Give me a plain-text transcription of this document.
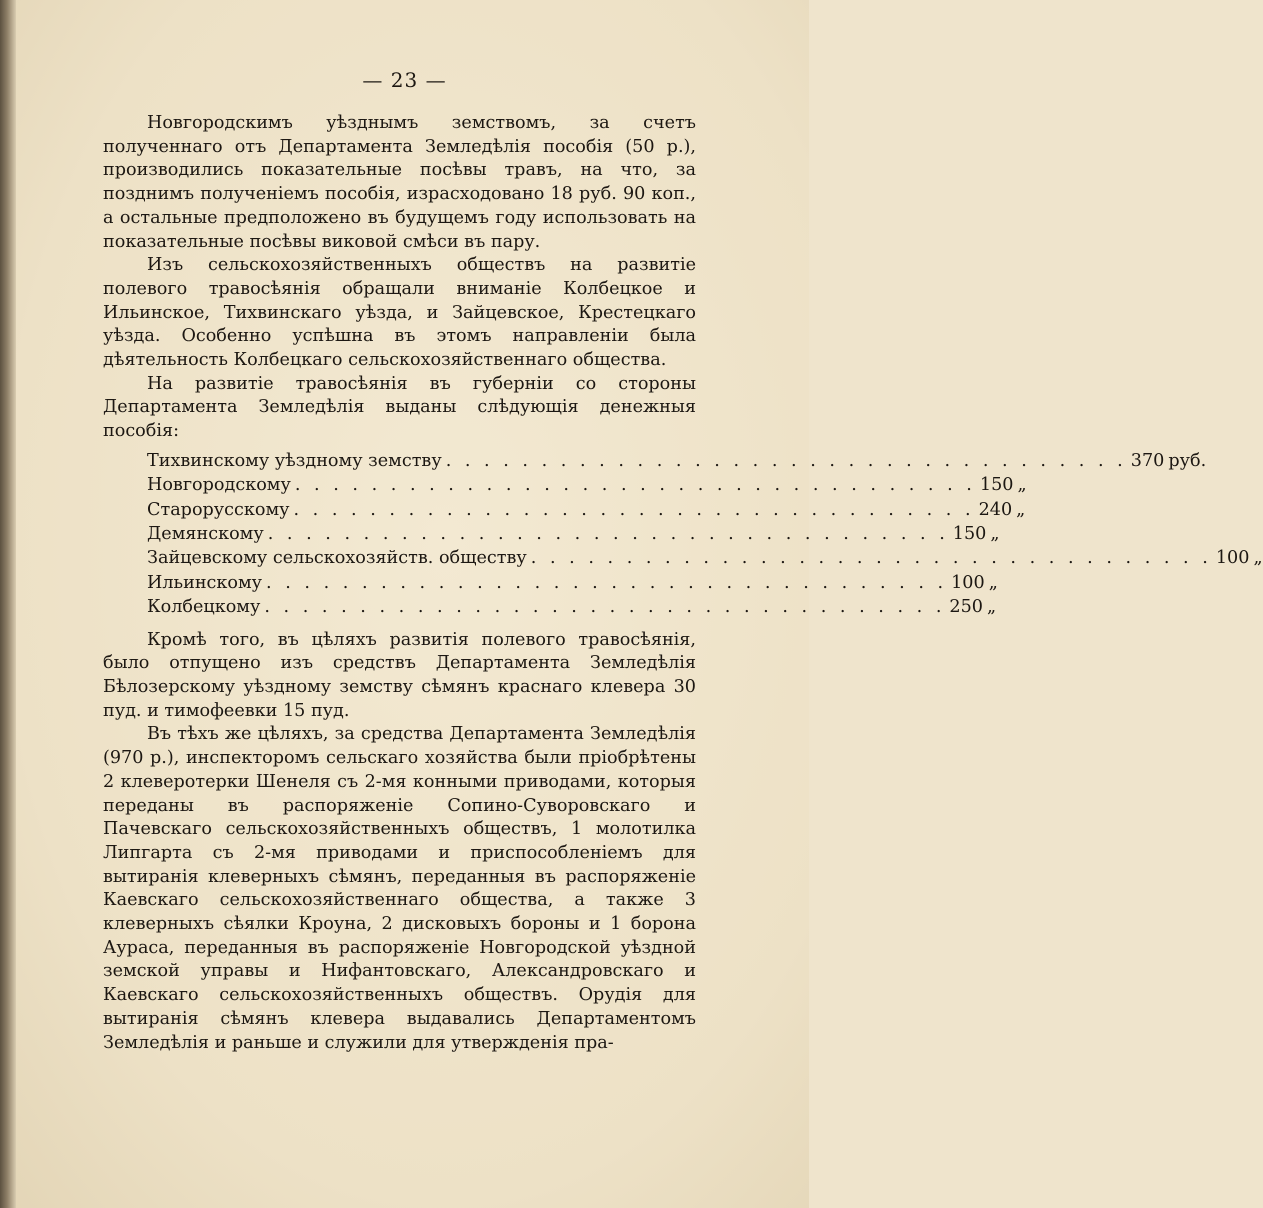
— 23 —

Новгородскимъ уѣзднымъ земствомъ, за счетъ полученнаго отъ Департамента Земледѣлія пособія (50 р.), производились показательные посѣвы травъ, на что, за позднимъ полученіемъ пособія, израсходовано 18 руб. 90 коп., а остальные предположено въ будущемъ году использовать на показательные посѣвы виковой смѣси въ пару.

Изъ сельскохозяйственныхъ обществъ на развитіе полевого травосѣянія обращали вниманіе Колбецкое и Ильинское, Тихвинскаго уѣзда, и Зайцевское, Крестецкаго уѣзда. Особенно успѣшна въ этомъ направленіи была дѣятельность Колбецкаго сельскохозяйственнаго общества.

На развитіе травосѣянія въ губерніи со стороны Департамента Земледѣлія выданы слѣдующія денежныя пособія:

Тихвинскому уѣздному земству . . . . . . . . . . . . . . . . . . . . . . . . . . . . . . . . . . . . 370 руб.
Новгородскому . . . . . . . . . . . . . . . . . . . . . . . . . . . . . . . . . . . . 150 „
Старорусскому . . . . . . . . . . . . . . . . . . . . . . . . . . . . . . . . . . . . 240 „
Демянскому . . . . . . . . . . . . . . . . . . . . . . . . . . . . . . . . . . . . 150 „
Зайцевскому сельскохозяйств. обществу . . . . . . . . . . . . . . . . . . . . . . . . . . . . . . . . . . . . 100 „
Ильинскому . . . . . . . . . . . . . . . . . . . . . . . . . . . . . . . . . . . . 100 „
Колбецкому . . . . . . . . . . . . . . . . . . . . . . . . . . . . . . . . . . . . 250 „

Кромѣ того, въ цѣляхъ развитія полевого травосѣянія, было отпущено изъ средствъ Департамента Земледѣлія Бѣлозерскому уѣздному земству сѣмянъ краснаго клевера 30 пуд. и тимофеевки 15 пуд.

Въ тѣхъ же цѣляхъ, за средства Департамента Земледѣлія (970 р.), инспекторомъ сельскаго хозяйства были пріобрѣтены 2 клеверотерки Шенеля съ 2-мя конными приводами, которыя переданы въ распоряженіе Сопино-Суворовскаго и Пачевскаго сельскохозяйственныхъ обществъ, 1 молотилка Липгарта съ 2-мя приводами и приспособленіемъ для вытиранія клеверныхъ сѣмянъ, переданныя въ распоряженіе Каевскаго сельскохозяйственнаго общества, а также 3 клеверныхъ сѣялки Кроуна, 2 дисковыхъ бороны и 1 борона Ауpaca, переданныя въ распоряженіе Новгородской уѣздной земской управы и Нифантовскаго, Александровскаго и Каевскаго сельскохозяйственныхъ обществъ. Орудія для вытиранія сѣмянъ клевера выдавались Департаментомъ Земледѣлія и раньше и служили для утвержденія пра-
